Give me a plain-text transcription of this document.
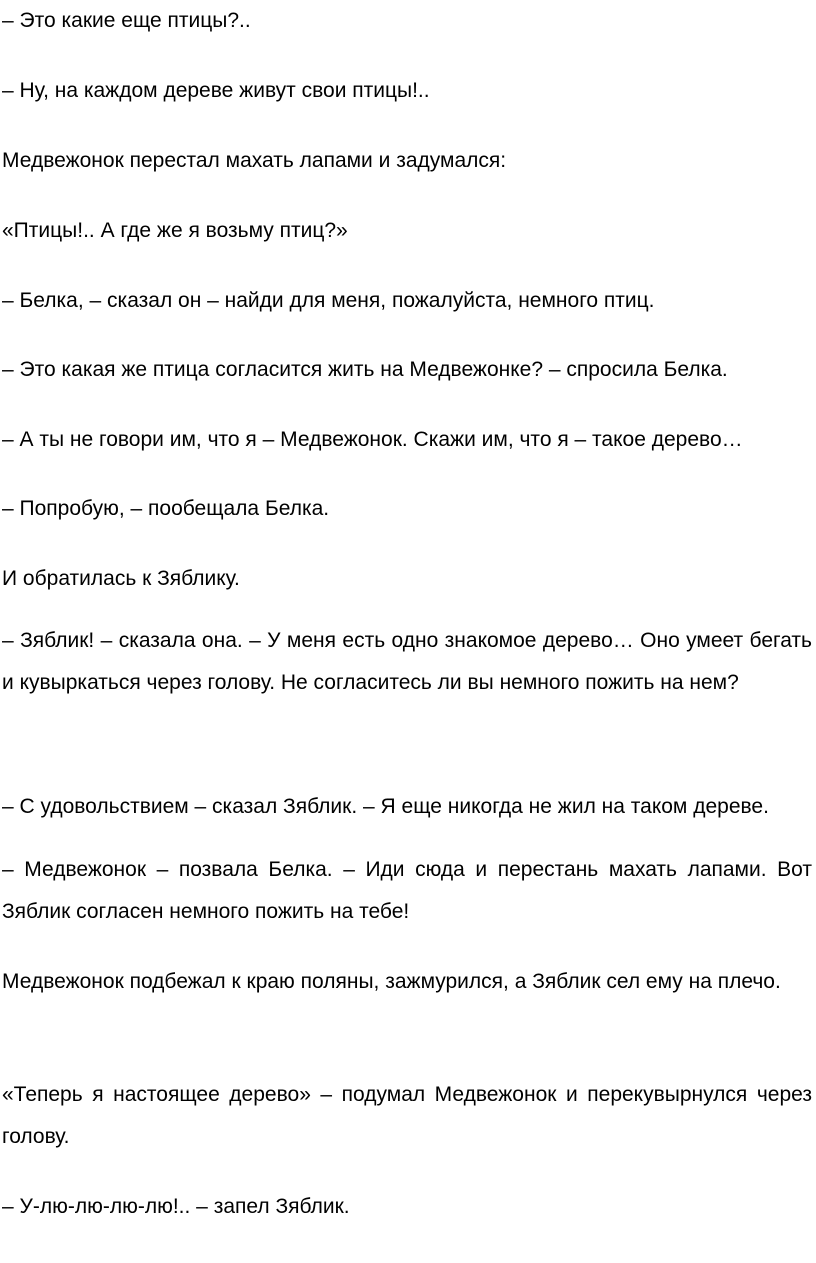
– Это какие еще птицы?..

– Ну, на каждом дереве живут свои птицы!..

Медвежонок перестал махать лапами и задумался:

«Птицы!.. А где же я возьму птиц?»

– Белка, – сказал он – найди для меня, пожалуйста, немного птиц.

– Это какая же птица согласится жить на Медвежонке? – спросила Белка.

– А ты не говори им, что я – Медвежонок. Скажи им, что я – такое дерево…

– Попробую, – пообещала Белка.

И обратилась к Зяблику.

– Зяблик! – сказала она. – У меня есть одно знакомое дерево… Оно умеет бегать и кувыркаться через голову. Не согласитесь ли вы немного пожить на нем?

– С удовольствием – сказал Зяблик. – Я еще никогда не жил на таком дереве.

– Медвежонок – позвала Белка. – Иди сюда и перестань махать лапами. Вот Зяблик согласен немного пожить на тебе!

Медвежонок подбежал к краю поляны, зажмурился, а Зяблик сел ему на плечо.

«Теперь я настоящее дерево» – подумал Медвежонок и перекувырнулся через голову.

– У-лю-лю-лю-лю!.. – запел Зяблик.
